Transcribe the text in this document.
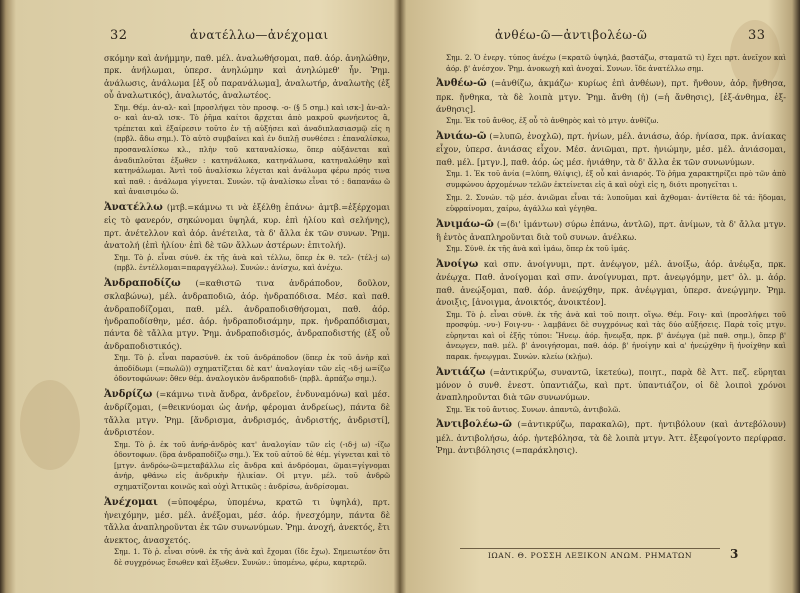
32	ἀνατέλλω—ἀνέχομαι
σκόμην καὶ ἀνήμμην, παθ. μέλ. ἀναλωθήσομαι, παθ. ἀόρ. ἀνηλώθην, πρκ. ἀνήλωμαι, ὑπερσ. ἀνηλώμην καὶ ἀνηλώμεθ' ἦν. Ῥημ. ἀνάλωσις, ἀνάλωμα [ἐξ οὗ παρανάλωμα], ἀναλωτήρ, ἀναλωτὴς (ἐξ οὗ ἀναλωτικός), ἀναλωτός, ἀναλωτέος.
Σημ. Θέμ. ἀν-αλ- καὶ [προσλήψει τὸν προσφ. -ο- (§ 5 σημ.) καὶ ισκ-] ἀν-αλ-ο- καὶ ἀν-αλ ισκ-. Τὸ ῥῆμα καίτοι ἄρχεται ἀπὸ μακροῦ φωνήεντος ἃ, τρέπεται καὶ ἐξαίρεσιν τοῦτο ἐν τῇ αὐξήσει καὶ ἀναδιπλασιασμῷ εἰς η (πρβλ. ἄδω σημ.). Τὸ αὐτὸ συμβαίνει καὶ ἐν διπλῇ συνθέσει : ἐπαναλίσκω, προσαναλίσκω κλ., πλὴν τοῦ καταναλίσκω, ὅπερ αὐξάνεται καὶ ἀναδιπλοῦται ἐξωθεν : κατηνάλωκα, κατηνάλωσα, κατηναλώθην καὶ κατηνάλωμαι. Ἀντὶ τοῦ ἀναλίσκω λέγεται καὶ ἀνάλωμα φέρω πρός τινα καὶ παθ. : ἀνάλωμα γίγνεται. Συνών. τῷ ἀναλίσκω εἶναι τό : δαπανάω ῶ καὶ ἀναισιμόω ῶ.
Ἀνατέλλω (μτβ.=κάμνω τι νὰ ἐξέλθῃ ἐπάνω· ἀμτβ.=ἐξέρχομαι εἰς τὸ φανερόν, σηκώνομαι ὑψηλά, κυρ. ἐπὶ ἡλίου καὶ σελήνης), πρτ. ἀνέτελλον καὶ ἀόρ. ἀνέτειλα, τὰ δ' ἄλλα ἐκ τῶν συνων. Ῥημ. ἀνατολή (ἐπὶ ἡλίου· ἐπὶ δὲ τῶν ἄλλων ἀστέρων: ἐπιτολή).
Σημ. Τὸ ῥ. εἶναι σύνθ. ἐκ τῆς ἀνὰ καὶ τέλλω, ὅπερ ἐκ θ. τελ- (τέλ-j ω) (πρβλ. ἐντέλλομαι=παραγγέλλω). Συνών.: ἀνίσχω, καὶ ἀνέχω.
Ἀνδραποδίζω (=καθιστῶ τινα ἀνδράποδον, δοῦλον, σκλαβώνω), μέλ. ἀνδραποδιῶ, ἀόρ. ἠνδραπόδισα. Μέσ. καὶ παθ. ἀνδραποδίζομαι, παθ. μέλ. ἀνδραποδισθήσομαι, παθ. ἀόρ. ἠνδραποδίσθην, μέσ. ἀόρ. ἠνδραποδισάμην, πρκ. ἠνδραπόδισμαι, πάντα δὲ τἄλλα μτγν. Ῥημ. ἀνδραποδισμός, ἀνδραποδιστής (ἐξ οὗ ἀνδραποδιστικός).
Σημ. Τὸ ῥ. εἶναι παρασύνθ. ἐκ τοῦ ἀνδράποδον (ὅπερ ἐκ τοῦ ἀνὴρ καὶ ἀποδίδωμι (=πωλῶ)) σχηματίζεται δὲ κατ' ἀναλογίαν τῶν εἰς -ιδ-j ω=ίζω ὀδοντοφώνων: ὅθεν θέμ. ἀναλογικὸν ἀνδραποδιδ- (πρβλ. ἁρπάζω σημ.).
Ἀνδρίζω (=κάμνω τινὰ ἄνδρα, ἀνδρεῖον, ἐνδυναμόνω) καὶ μέσ. ἀνδρίζομαι, (=θεικνύομαι ὡς ἀνήρ, φέρομαι ἀνδρείως), πάντα δὲ τἄλλα μτγν. Ῥημ. [ἄνδρισμα, ἀνδρισμός, ἀνδριστής, ἀνδριστί], ἀνδριστέον.
Σημ. Τὸ ῥ. ἐκ τοῦ ἀνήρ-ἀνδρὸς κατ' ἀναλογίαν τῶν εἰς (-ιδ-j ω) -ίζω ὀδοντοφων. (ὅρα ἀνδραποδίζω σημ.). Ἐκ τοῦ αὐτοῦ δὲ θέμ. γίγνεται καὶ τὸ [μτγν. ἀνδρόω-ῶ=μεταβάλλω εἰς ἄνδρα καὶ ἀνδρόομαι, ῶμαι=γίγνομαι ἀνήρ, φθάνω εἰς ἀνδρικὴν ἡλικίαν. Οἱ μτγν. μέλ. τοῦ ἀνδρῶ σχηματίζονται κοινῶς καὶ οὐχὶ Ἀττικῶς : ἀνδρίσω, ἀνδρίσομαι.
Ἀνέχομαι (=ὑποφέρω, ὑπομένω, κρατῶ τι ὑψηλά), πρτ. ἠνειχόμην, μέσ. μέλ. ἀνέξομαι, μέσ. ἀόρ. ἠνεσχόμην, πάντα δὲ τἄλλα ἀναπληροῦνται ἐκ τῶν συνωνύμων. Ῥημ. ἀνοχή, ἀνεκτός, ἔτι ἀνεκτος, ἀνασχετός.
Σημ. 1. Τὸ ῥ. εἶναι σύνθ. ἐκ τῆς ἀνὰ καὶ ἔχομαι (ἴδε ἔχω). Σημειωτέον ὅτι δὲ συγχρόνως ἔσωθεν καὶ ἔξωθεν. Συνών.: ὑπομένω, φέρω, καρτερῶ.
ἀνθέω-ῶ—ἀντιβολέω-ῶ	33
Σημ. 2. Ὁ ἐνεργ. τύπος ἀνέχω (=κρατῶ ὑψηλά, βαστάζω, σταματῶ τι) ἔχει πρτ. ἀνεῖχον καὶ ἀόρ. β' ἀνέσχον. Ῥημ. ἀνοκωχὴ καὶ ἀνοχαί. Συνων. ἴδε ἀνατέλλω σημ.
Ἀνθέω-ῶ (=ἀνθίζω, ἀκμάζω· κυρίως ἐπὶ ἀνθέων), πρτ. ἤνθουν, ἀόρ. ἤνθησα, πρκ. ἤνθηκα, τὰ δὲ λοιπὰ μτγν. Ῥημ. ἄνθη (ἡ) (=ἡ ἄνθησις), [ἐξ-άνθημα, ἐξ-άνθησις].
Σημ. Ἐκ τοῦ ἄνθος, ἐξ οὗ τὸ ἀνθηρὸς καὶ τὸ μτγν. ἀνθίζω.
Ἀνιάω-ῶ (=λυπῶ, ἐνοχλῶ), πρτ. ἠνίων, μέλ. ἀνιάσω, ἀόρ. ἠνίασα, πρκ. ἀνίακας εἶχον, ὑπερσ. ἀνιάσας εἶχον. Μέσ. ἀνιῶμαι, πρτ. ἠνιώμην, μέσ. μέλ. ἀνιάσομαι, παθ. μέλ. [μτγν.], παθ. ἀόρ. ὡς μέσ. ἠνιάθην, τὰ δ' ἄλλα ἐκ τῶν συνωνύμων.
Σημ. 1. Ἐκ τοῦ ἀνία (=λύπη, θλίψις), ἐξ οὗ καὶ ἀνιαρός. Τὸ ῥῆμα χαρακτηρίζει πρὸ τῶν ἀπὸ συμφώνου ἀρχομένων τελῶν ἐκτείνεται εἰς ᾶ καὶ οὐχὶ εἰς η, διότι προηγεῖται ι.
Σημ. 2. Συνών. τῷ μέσ. ἀνιῶμαι εἶναι τά: λυποῦμαι καὶ ἄχθομαι· ἀντίθετα δὲ τά: ἥδομαι, εὐφραίνομαι, χαίρω, ἀγάλλω καὶ γέγηθα.
Ἀνιμάω-ῶ (=(δι' ἱμάντων) σύρω ἐπάνω, ἀντλῶ), πρτ. ἀνίμων, τὰ δ' ἄλλα μτγν. ἢ ἐντὸς ἀναπληροῦνται διὰ τοῦ συνων. ἀνέλκω.
Σημ. Σύνθ. ἐκ τῆς ἀνὰ καὶ ἱμάω, ὅπερ ἐκ τοῦ ἱμάς.
Ἀνοίγω καὶ σπν. ἀνοίγνυμι, πρτ. ἀνέῳγον, μέλ. ἀνοίξω, ἀόρ. ἀνέῳξα, πρκ. ἀνέῳχα. Παθ. ἀνοίγομαι καὶ σπν. ἀνοίγνυμαι, πρτ. ἀνεῳγόμην, μετ' ὀλ. μ. ἀόρ. παθ. ἀνεῴξομαι, παθ. ἀόρ. ἀνεῴχθην, πρκ. ἀνέῳγμαι, ὑπερσ. ἀνεῴγμην. Ῥημ. ἀνοιξις, [ἀνοιγμα, ἀνοικτός, ἀνοικτέον].
Σημ. Τὸ ῥ. εἶναι σύνθ. ἐκ τῆς ἀνὰ καὶ τοῦ ποιητ. οἴγω. Θέμ. Fοιγ- καὶ (προσλήψει τοῦ προσφύμ. -νυ-) Fοιγ-νυ- · λαμβάνει δὲ συγχρόνως καὶ τὰς δύο αὐξήσεις. Παρὰ τοῖς μτγν. εὑρηνται καὶ οἱ ἑξῆς τύποι: Ἤνεῳ. ἀόρ. ἤνεῳξα, πρκ. β' ἀνέῳγα (μὲ παθ. σημ.), ὅπερ β' ἀνεῳγεν, παθ. μέλ. β' ἀνοιγήσομαι, παθ. ἀόρ. β' ἠνοίγην καὶ α' ἠνεῴχθην ἢ ἠνοίχθην καὶ παρακ. ἠνεῳγμαι. Συνών. κλείω (κλῄω).
Ἀντιάζω (=ἀντικρύζω, συναντῶ, ἱκετεύω), ποιητ., παρὰ δὲ Ἀττ. πεζ. εὕρηται μόνον ὁ συνθ. ἐνεστ. ὑπαντιάζω, καὶ πρτ. ὑπαντιάζον, οἱ δὲ λοιποὶ χρόνοι ἀναπληροῦνται διὰ τῶν συνωνύμων.
Σημ. Ἐκ τοῦ ἄντιος. Συνων. ἀπαντῶ, ἀντιβολῶ.
Ἀντιβολέω-ῶ (=ἀντικρύζω, παρακαλῶ), πρτ. ἠντιβόλουν (καὶ ἀντεβόλουν) μέλ. ἀντιβολήσω, ἀόρ. ἠντεβόλησα, τὰ δὲ λοιπὰ μτγν. Ἀττ. ἐξεφοίγοντο περίφρασ. Ῥημ. ἀντιβόλησις (=παράκλησις).
ΙΩΑΝ. Θ. ΡΟΣΣΗ ΛΕΞΙΚΟΝ ΑΝΩΜ. ΡΗΜΑΤΩΝ	3
